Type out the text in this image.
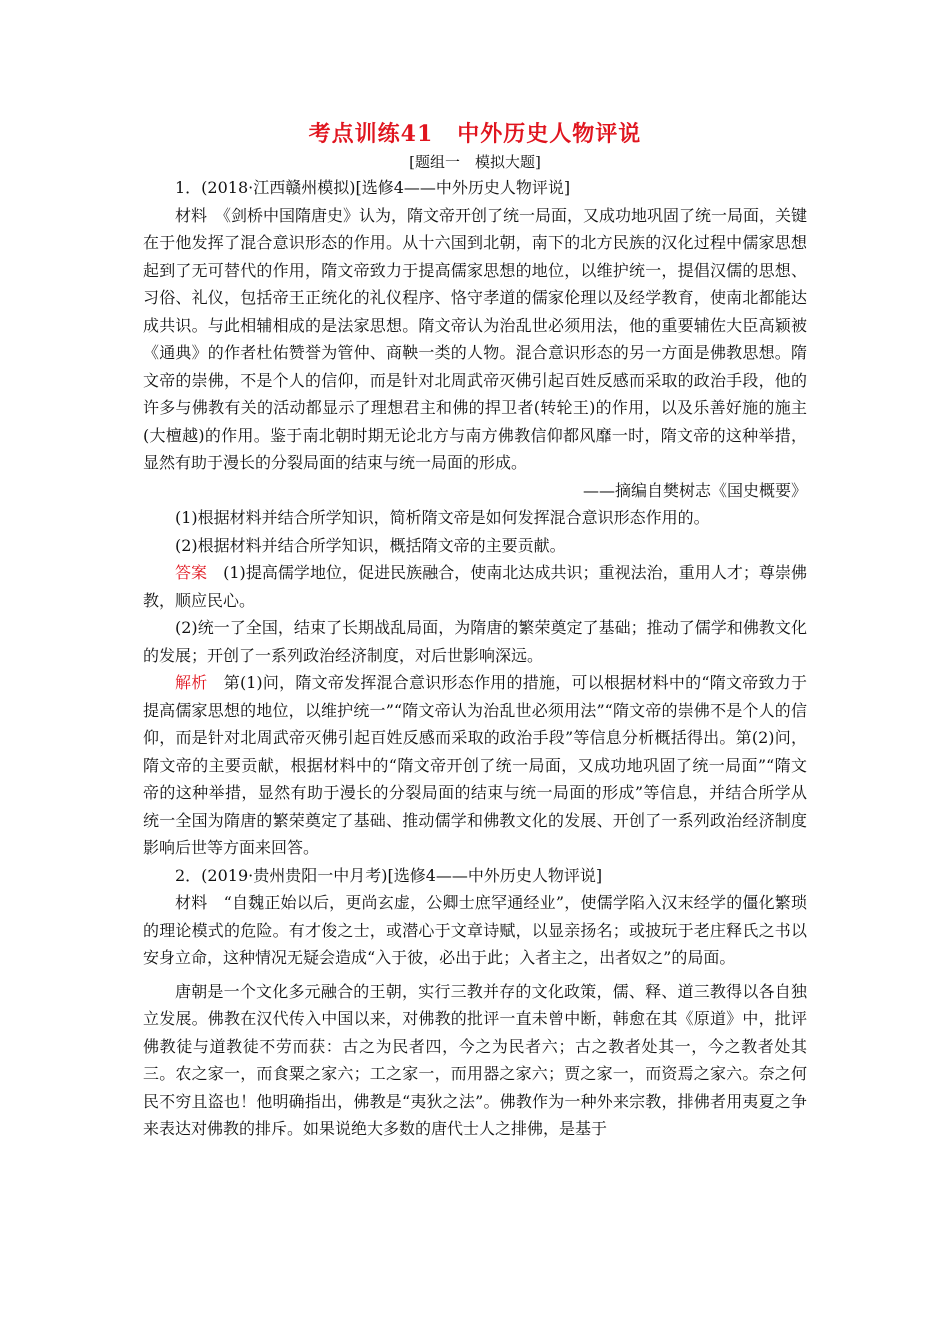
考点训练41 中外历史人物评说
[题组一　模拟大题]

1．(2018·江西赣州模拟)[选修4——中外历史人物评说]

材料　《剑桥中国隋唐史》认为，隋文帝开创了统一局面，又成功地巩固了统一局面，关键在于他发挥了混合意识形态的作用。从十六国到北朝，南下的北方民族的汉化过程中儒家思想起到了无可替代的作用，隋文帝致力于提高儒家思想的地位，以维护统一，提倡汉儒的思想、习俗、礼仪，包括帝王正统化的礼仪程序、恪守孝道的儒家伦理以及经学教育，使南北都能达成共识。与此相辅相成的是法家思想。隋文帝认为治乱世必须用法，他的重要辅佐大臣高颖被《通典》的作者杜佑赞誉为管仲、商鞅一类的人物。混合意识形态的另一方面是佛教思想。隋文帝的崇佛，不是个人的信仰，而是针对北周武帝灭佛引起百姓反感而采取的政治手段，他的许多与佛教有关的活动都显示了理想君主和佛的捍卫者(转轮王)的作用，以及乐善好施的施主(大檀越)的作用。鉴于南北朝时期无论北方与南方佛教信仰都风靡一时，隋文帝的这种举措，显然有助于漫长的分裂局面的结束与统一局面的形成。

——摘编自樊树志《国史概要》

(1)根据材料并结合所学知识，简析隋文帝是如何发挥混合意识形态作用的。

(2)根据材料并结合所学知识，概括隋文帝的主要贡献。

答案　 (1)提高儒学地位，促进民族融合，使南北达成共识；重视法治，重用人才；尊崇佛教，顺应民心。

(2)统一了全国，结束了长期战乱局面，为隋唐的繁荣奠定了基础；推动了儒学和佛教文化的发展；开创了一系列政治经济制度，对后世影响深远。

解析　 第(1)问，隋文帝发挥混合意识形态作用的措施，可以根据材料中的“隋文帝致力于提高儒家思想的地位，以维护统一”“隋文帝认为治乱世必须用法”“隋文帝的崇佛不是个人的信仰，而是针对北周武帝灭佛引起百姓反感而采取的政治手段”等信息分析概括得出。第(2)问，隋文帝的主要贡献，根据材料中的“隋文帝开创了统一局面，又成功地巩固了统一局面”“隋文帝的这种举措，显然有助于漫长的分裂局面的结束与统一局面的形成”等信息，并结合所学从统一全国为隋唐的繁荣奠定了基础、推动儒学和佛教文化的发展、开创了一系列政治经济制度影响后世等方面来回答。

2．(2019·贵州贵阳一中月考)[选修4——中外历史人物评说]

材料　“自魏正始以后，更尚玄虚，公卿士庶罕通经业”，使儒学陷入汉末经学的僵化繁琐的理论模式的危险。有才俊之士，或潜心于文章诗赋，以显亲扬名；或披玩于老庄释氏之书以安身立命，这种情况无疑会造成“入于彼，必出于此；入者主之，出者奴之”的局面。

唐朝是一个文化多元融合的王朝，实行三教并存的文化政策，儒、释、道三教得以各自独立发展。佛教在汉代传入中国以来，对佛教的批评一直未曾中断，韩愈在其《原道》中，批评佛教徒与道教徒不劳而获：古之为民者四，今之为民者六；古之教者处其一，今之教者处其三。农之家一，而食粟之家六；工之家一，而用器之家六；贾之家一，而资焉之家六。奈之何民不穷且盗也！他明确指出，佛教是“夷狄之法”。佛教作为一种外来宗教，排佛者用夷夏之争来表达对佛教的排斥。如果说绝大多数的唐代士人之排佛，是基于
